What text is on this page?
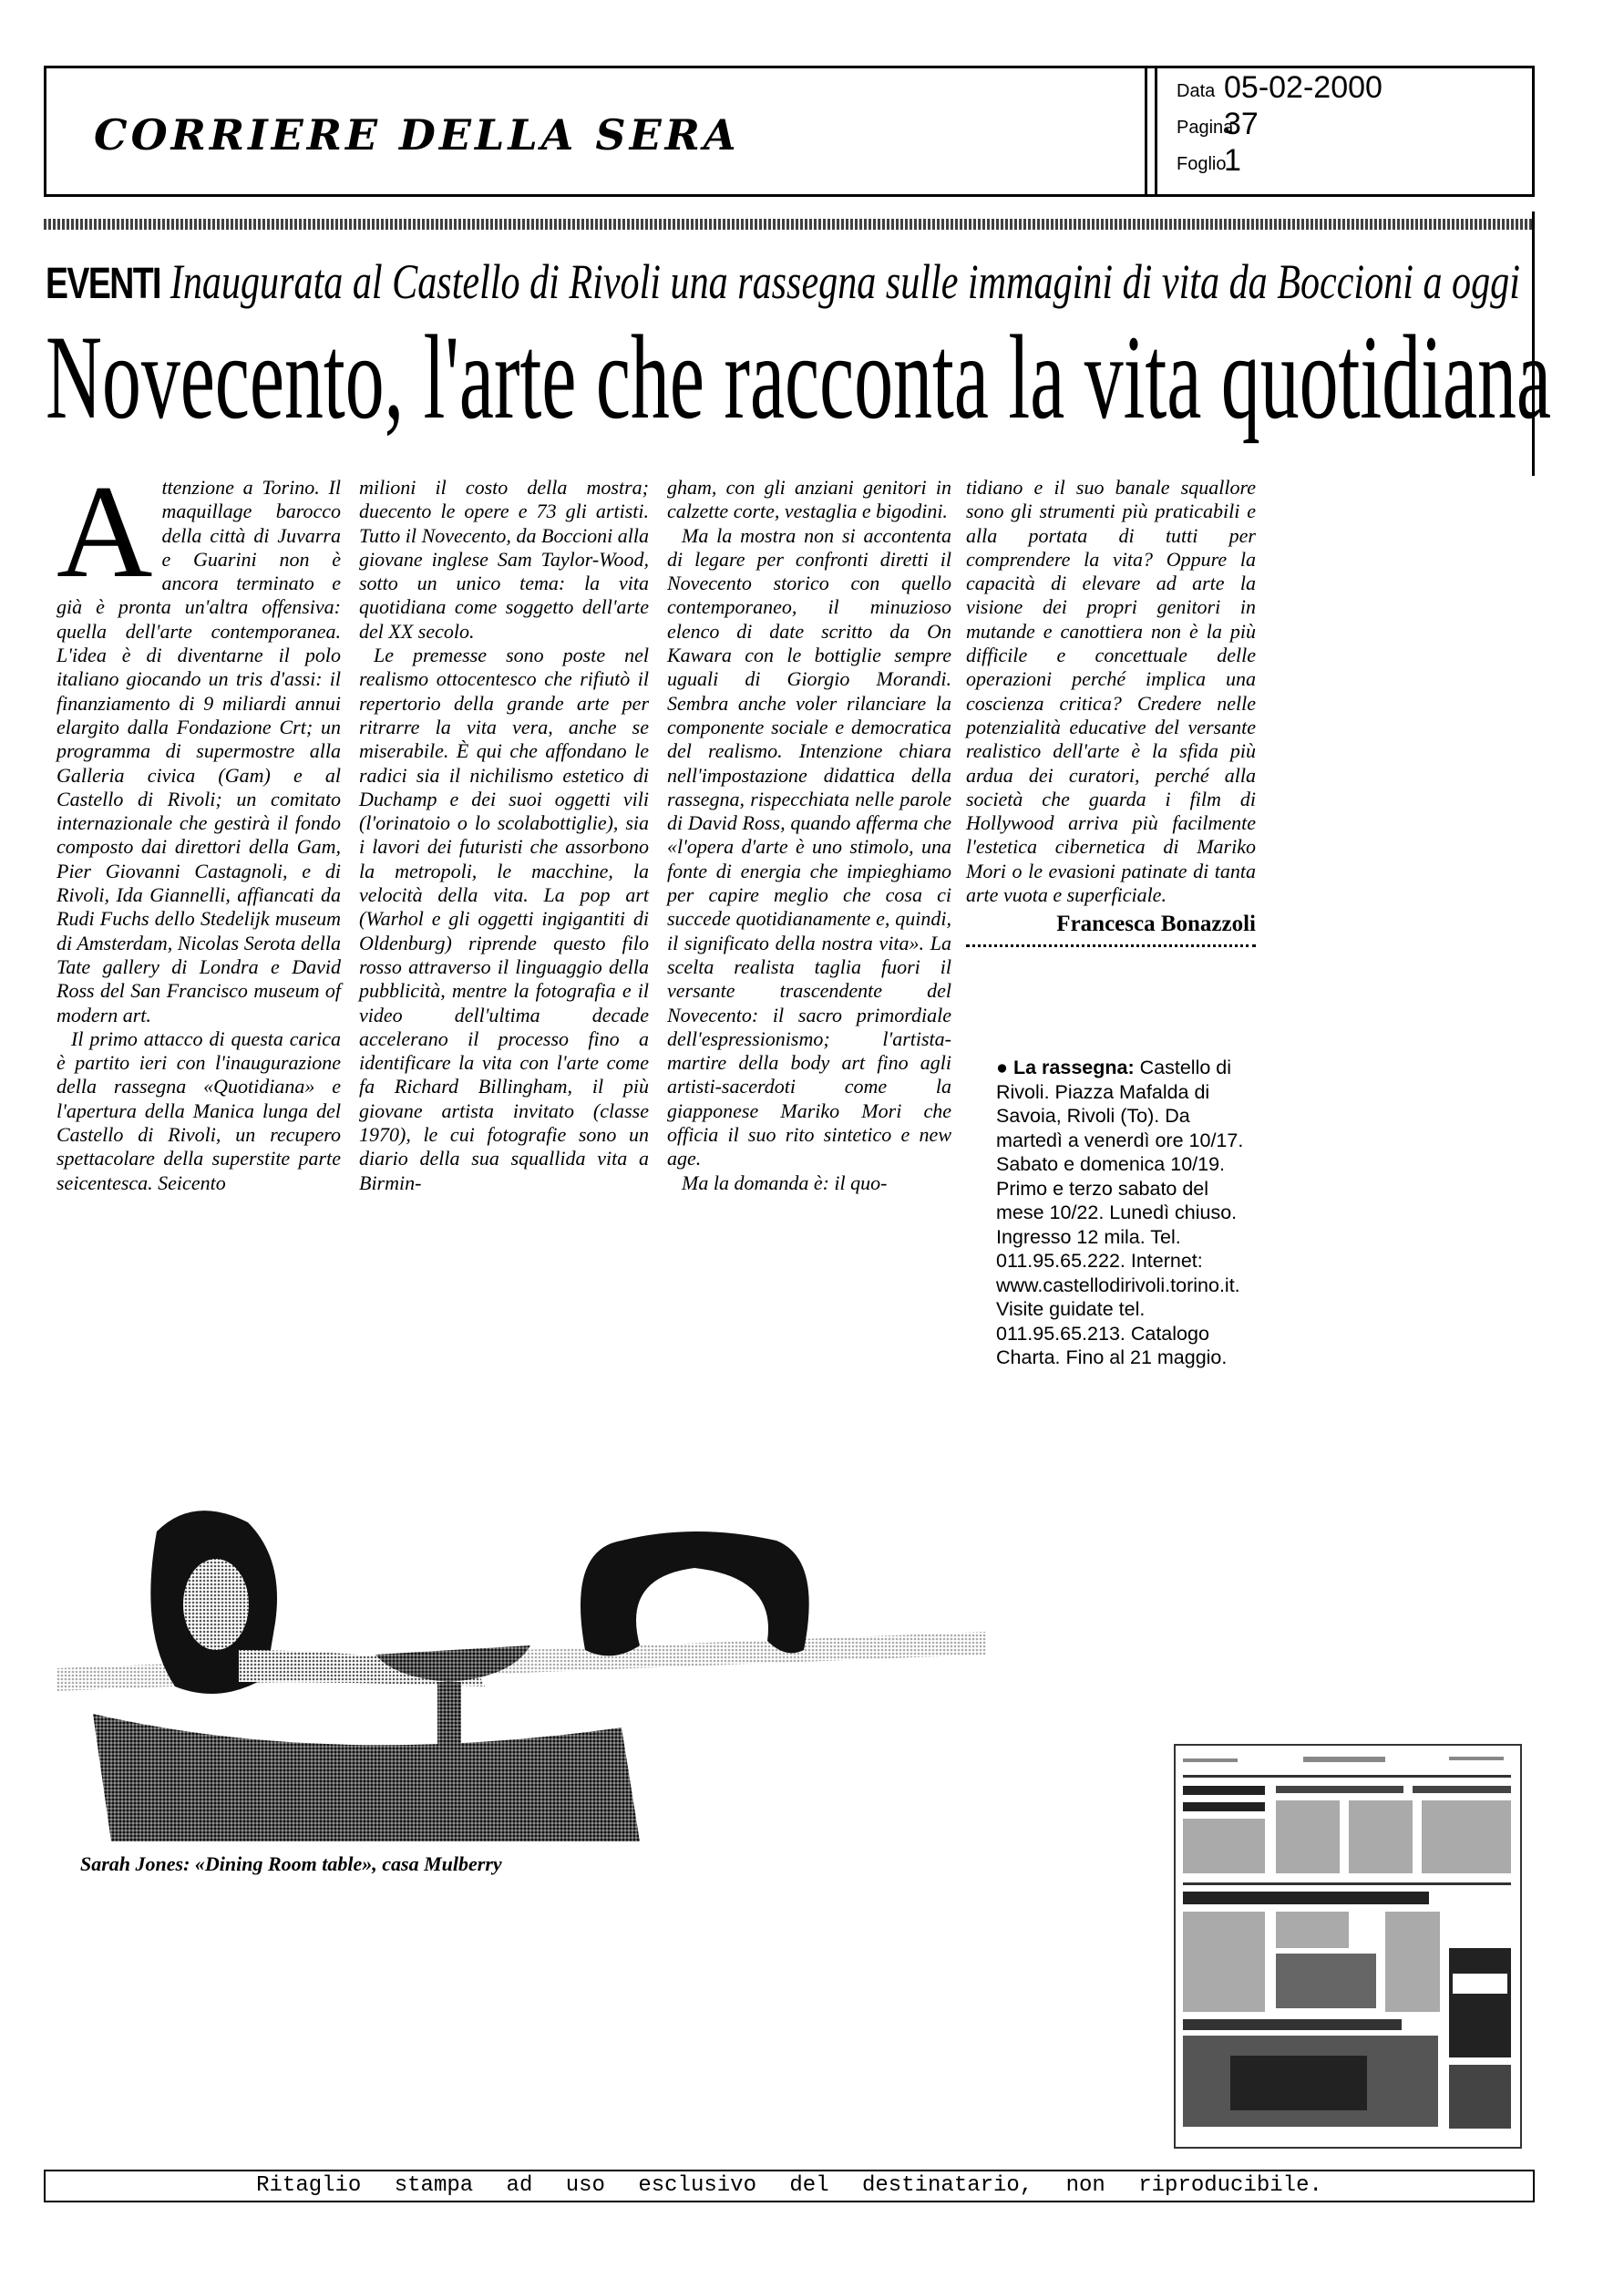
CORRIERE DELLA SERA
Data 05-02-2000
Pagina
37
Foglio
1
EVENTI Inaugurata al Castello di Rivoli una rassegna sulle immagini di vita da Boccioni a oggi
Novecento, l'arte che racconta la vita quotidiana
A ttenzione a Torino. Il maquillage barocco della città di Juvarra e Guarini non è ancora terminato e già è pronta un'altra offensiva: quella dell'arte contemporanea. L'idea è di diventarne il polo italiano giocando un tris d'assi: il finanziamento di 9 miliardi annui elargito dalla Fondazione Crt; un programma di supermostre alla Galleria civica (Gam) e al Castello di Rivoli; un comitato internazionale che gestirà il fondo composto dai direttori della Gam, Pier Giovanni Castagnoli, e di Rivoli, Ida Giannelli, affiancati da Rudi Fuchs dello Stedelijk museum di Amsterdam, Nicolas Serota della Tate gallery di Londra e David Ross del San Francisco museum of modern art.

Il primo attacco di questa carica è partito ieri con l'inaugurazione della rassegna «Quotidiana» e l'apertura della Manica lunga del Castello di Rivoli, un recupero spettacolare della superstite parte seicentesca. Seicento

milioni il costo della mostra; duecento le opere e 73 gli artisti. Tutto il Novecento, da Boccioni alla giovane inglese Sam Taylor-Wood, sotto un unico tema: la vita quotidiana come soggetto dell'arte del XX secolo.

Le premesse sono poste nel realismo ottocentesco che rifiutò il repertorio della grande arte per ritrarre la vita vera, anche se miserabile. È qui che affondano le radici sia il nichilismo estetico di Duchamp e dei suoi oggetti vili (l'orinatoio o lo scolabottiglie), sia i lavori dei futuristi che assorbono la metropoli, le macchine, la velocità della vita. La pop art (Warhol e gli oggetti ingigantiti di Oldenburg) riprende questo filo rosso attraverso il linguaggio della pubblicità, mentre la fotografia e il video dell'ultima decade accelerano il processo fino a identificare la vita con l'arte come fa Richard Billingham, il più giovane artista invitato (classe 1970), le cui fotografie sono un diario della sua squallida vita a Birmin-

gham, con gli anziani genitori in calzette corte, vestaglia e bigodini.

Ma la mostra non si accontenta di legare per confronti diretti il Novecento storico con quello contemporaneo, il minuzioso elenco di date scritto da On Kawara con le bottiglie sempre uguali di Giorgio Morandi. Sembra anche voler rilanciare la componente sociale e democratica del realismo. Intenzione chiara nell'impostazione didattica della rassegna, rispecchiata nelle parole di David Ross, quando afferma che «l'opera d'arte è uno stimolo, una fonte di energia che impieghiamo per capire meglio che cosa ci succede quotidianamente e, quindi, il significato della nostra vita». La scelta realista taglia fuori il versante trascendente del Novecento: il sacro primordiale dell'espressionismo; l'artista-martire della body art fino agli artisti-sacerdoti come la giapponese Mariko Mori che officia il suo rito sintetico e new age.

Ma la domanda è: il quo-

tidiano e il suo banale squallore sono gli strumenti più praticabili e alla portata di tutti per comprendere la vita? Oppure la capacità di elevare ad arte la visione dei propri genitori in mutande e canottiera non è la più difficile e concettuale delle operazioni perché implica una coscienza critica? Credere nelle potenzialità educative del versante realistico dell'arte è la sfida più ardua dei curatori, perché alla società che guarda i film di Hollywood arriva più facilmente l'estetica cibernetica di Mariko Mori o le evasioni patinate di tanta arte vuota e superficiale.

Francesca Bonazzoli
● La rassegna: Castello di Rivoli. Piazza Mafalda di Savoia, Rivoli (To). Da martedì a venerdì ore 10/17. Sabato e domenica 10/19. Primo e terzo sabato del mese 10/22. Lunedì chiuso. Ingresso 12 mila. Tel. 011.95.65.222. Internet: www.castellodirivoli.torino.it. Visite guidate tel. 011.95.65.213. Catalogo Charta. Fino al 21 maggio.
Sarah Jones: «Dining Room table», casa Mulberry
Ritaglio stampa ad uso esclusivo del destinatario, non riproducibile.
